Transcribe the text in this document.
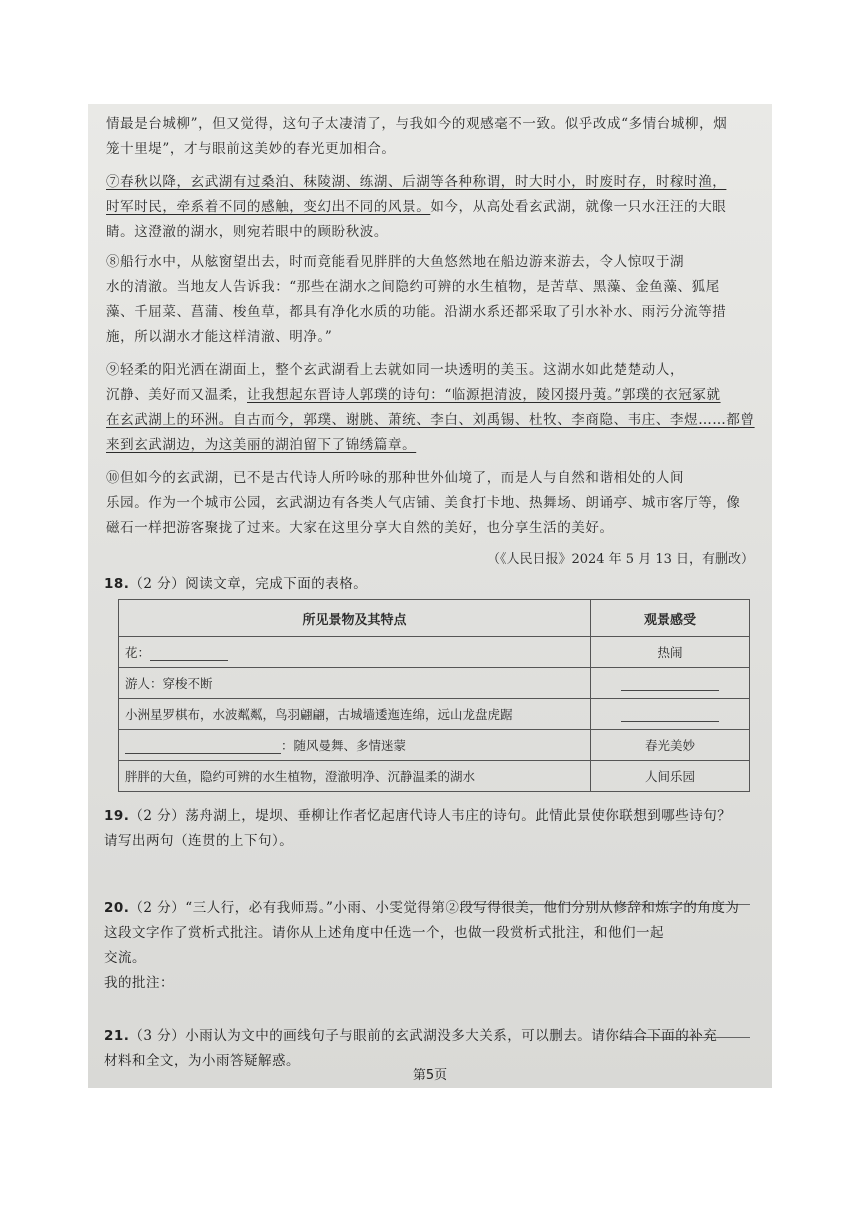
情最是台城柳”，但又觉得，这句子太凄清了，与我如今的观感毫不一致。似乎改成“多情台城柳，烟
笼十里堤”，才与眼前这美妙的春光更加相合。

⑦春秋以降，玄武湖有过桑泊、秣陵湖、练湖、后湖等各种称谓，时大时小，时废时存，时稼时渔，
时军时民，牵系着不同的感触，变幻出不同的风景。如今，从高处看玄武湖，就像一只水汪汪的大眼
睛。这澄澈的湖水，则宛若眼中的顾盼秋波。

⑧船行水中，从舷窗望出去，时而竟能看见胖胖的大鱼悠然地在船边游来游去，令人惊叹于湖
水的清澈。当地友人告诉我：“那些在湖水之间隐约可辨的水生植物，是苦草、黑藻、金鱼藻、狐尾
藻、千屈菜、菖蒲、梭鱼草，都具有净化水质的功能。沿湖水系还都采取了引水补水、雨污分流等措
施，所以湖水才能这样清澈、明净。”

⑨轻柔的阳光洒在湖面上，整个玄武湖看上去就如同一块透明的美玉。这湖水如此楚楚动人，
沉静、美好而又温柔，让我想起东晋诗人郭璞的诗句：“临源挹清波，陵冈掇丹荑。”郭璞的衣冠冢就
在玄武湖上的环洲。自古而今，郭璞、谢朓、萧统、李白、刘禹锡、杜牧、李商隐、韦庄、李煜……都曾
来到玄武湖边，为这美丽的湖泊留下了锦绣篇章。

⑩但如今的玄武湖，已不是古代诗人所吟咏的那种世外仙境了，而是人与自然和谐相处的人间
乐园。作为一个城市公园，玄武湖边有各类人气店铺、美食打卡地、热舞场、朗诵亭、城市客厅等，像
磁石一样把游客聚拢了过来。大家在这里分享大自然的美好，也分享生活的美好。

（《人民日报》2024 年 5 月 13 日，有删改）

18.（2 分）阅读文章，完成下面的表格。

所见景物及其特点	观景感受
花：	热闹
游人：穿梭不断	
小洲星罗棋布，水波粼粼，鸟羽翩翩，古城墙逶迤连绵，远山龙盘虎踞	
：随风曼舞、多情迷蒙	春光美妙
胖胖的大鱼，隐约可辨的水生植物，澄澈明净、沉静温柔的湖水	人间乐园

19.（2 分）荡舟湖上，堤坝、垂柳让作者忆起唐代诗人韦庄的诗句。此情此景使你联想到哪些诗句？
请写出两句（连贯的上下句）。

20.（2 分）“三人行，必有我师焉。”小雨、小雯觉得第②段写得很美，他们分别从修辞和炼字的角度为
这段文字作了赏析式批注。请你从上述角度中任选一个，也做一段赏析式批注，和他们一起
交流。
我的批注：

21.（3 分）小雨认为文中的画线句子与眼前的玄武湖没多大关系，可以删去。请你结合下面的补充
材料和全文，为小雨答疑解惑。

第5页
